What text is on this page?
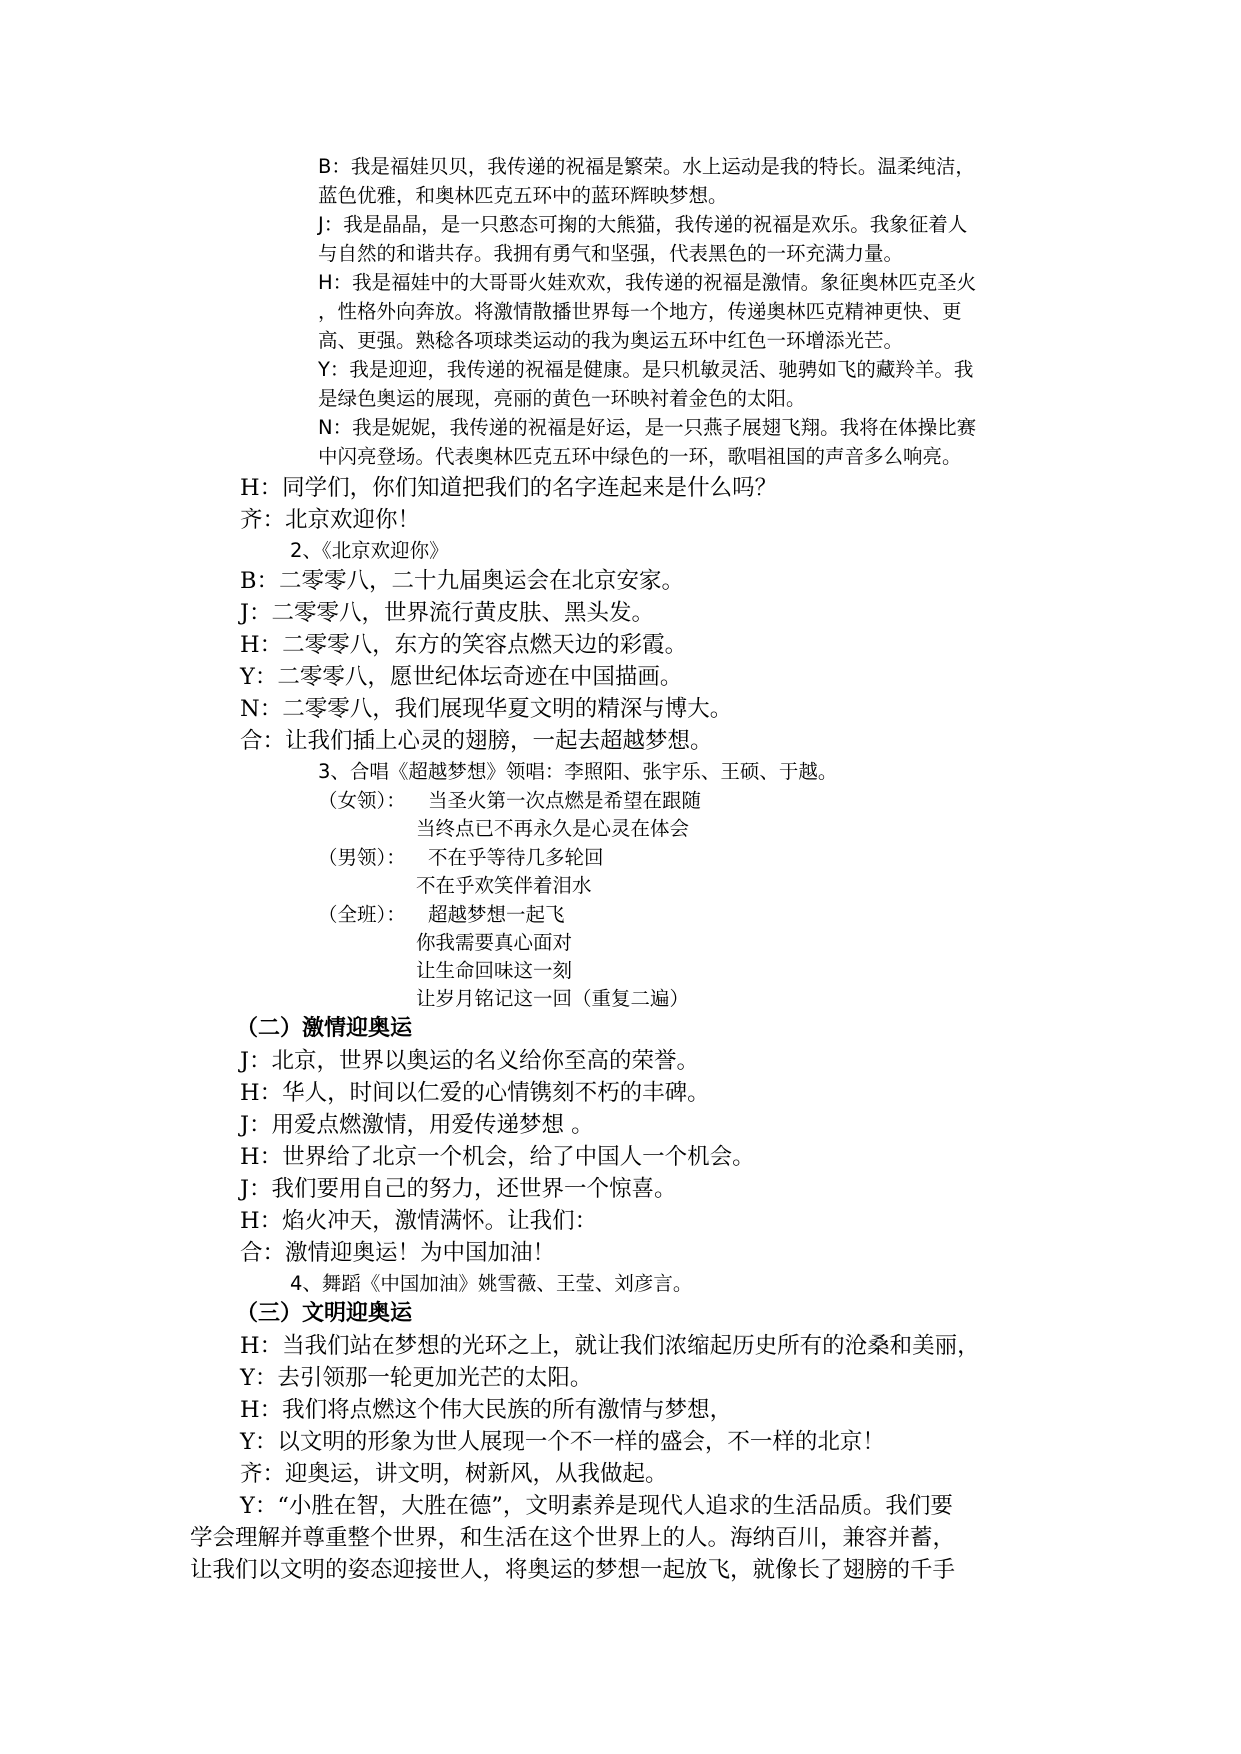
B：我是福娃贝贝，我传递的祝福是繁荣。水上运动是我的特长。温柔纯洁，
蓝色优雅，和奥林匹克五环中的蓝环辉映梦想。
J：我是晶晶，是一只憨态可掬的大熊猫，我传递的祝福是欢乐。我象征着人
与自然的和谐共存。我拥有勇气和坚强，代表黑色的一环充满力量。
H：我是福娃中的大哥哥火娃欢欢，我传递的祝福是激情。象征奥林匹克圣火
，性格外向奔放。将激情散播世界每一个地方，传递奥林匹克精神更快、更
高、更强。熟稔各项球类运动的我为奥运五环中红色一环增添光芒。
Y：我是迎迎，我传递的祝福是健康。是只机敏灵活、驰骋如飞的藏羚羊。我
是绿色奥运的展现，亮丽的黄色一环映衬着金色的太阳。
N：我是妮妮，我传递的祝福是好运，是一只燕子展翅飞翔。我将在体操比赛
中闪亮登场。代表奥林匹克五环中绿色的一环，歌唱祖国的声音多么响亮。
H：同学们，你们知道把我们的名字连起来是什么吗？
齐：北京欢迎你！
2、《北京欢迎你》
B：二零零八，二十九届奥运会在北京安家。
J：二零零八，世界流行黄皮肤、黑头发。
H：二零零八，东方的笑容点燃天边的彩霞。
Y：二零零八，愿世纪体坛奇迹在中国描画。
N：二零零八，我们展现华夏文明的精深与博大。
合：让我们插上心灵的翅膀，一起去超越梦想。
3、合唱《超越梦想》领唱：李照阳、张宇乐、王硕、于越。
（女领）： 当圣火第一次点燃是希望在跟随
当终点已不再永久是心灵在体会
（男领）： 不在乎等待几多轮回
不在乎欢笑伴着泪水
（全班）： 超越梦想一起飞
你我需要真心面对
让生命回味这一刻
让岁月铭记这一回（重复二遍）
（二）激情迎奥运
J：北京，世界以奥运的名义给你至高的荣誉。
H：华人，时间以仁爱的心情镌刻不朽的丰碑。
J：用爱点燃激情，用爱传递梦想 。
H：世界给了北京一个机会，给了中国人一个机会。
J：我们要用自己的努力，还世界一个惊喜。
H：焰火冲天，激情满怀。让我们：
合：激情迎奥运！为中国加油！
4、舞蹈《中国加油》姚雪薇、王莹、刘彦言。
（三）文明迎奥运
H：当我们站在梦想的光环之上，就让我们浓缩起历史所有的沧桑和美丽，
Y：去引领那一轮更加光芒的太阳。
H：我们将点燃这个伟大民族的所有激情与梦想，
Y：以文明的形象为世人展现一个不一样的盛会，不一样的北京！
齐：迎奥运，讲文明，树新风，从我做起。
Y：“小胜在智，大胜在德”，文明素养是现代人追求的生活品质。我们要
学会理解并尊重整个世界，和生活在这个世界上的人。海纳百川，兼容并蓄，
让我们以文明的姿态迎接世人，将奥运的梦想一起放飞，就像长了翅膀的千手
